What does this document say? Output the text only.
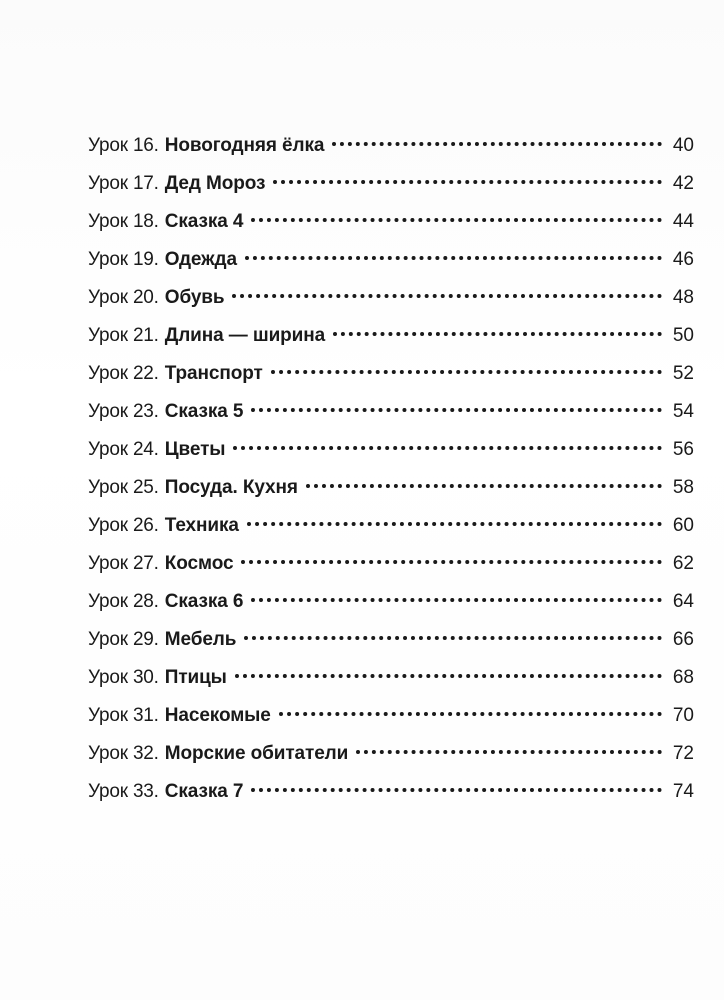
Урок 16. Новогодняя ёлка	40
Урок 17. Дед Мороз	42
Урок 18. Сказка 4	44
Урок 19. Одежда	46
Урок 20. Обувь	48
Урок 21. Длина — ширина	50
Урок 22. Транспорт	52
Урок 23. Сказка 5	54
Урок 24. Цветы	56
Урок 25. Посуда. Кухня	58
Урок 26. Техника	60
Урок 27. Космос	62
Урок 28. Сказка 6	64
Урок 29. Мебель	66
Урок 30. Птицы	68
Урок 31. Насекомые	70
Урок 32. Морские обитатели	72
Урок 33. Сказка 7	74
